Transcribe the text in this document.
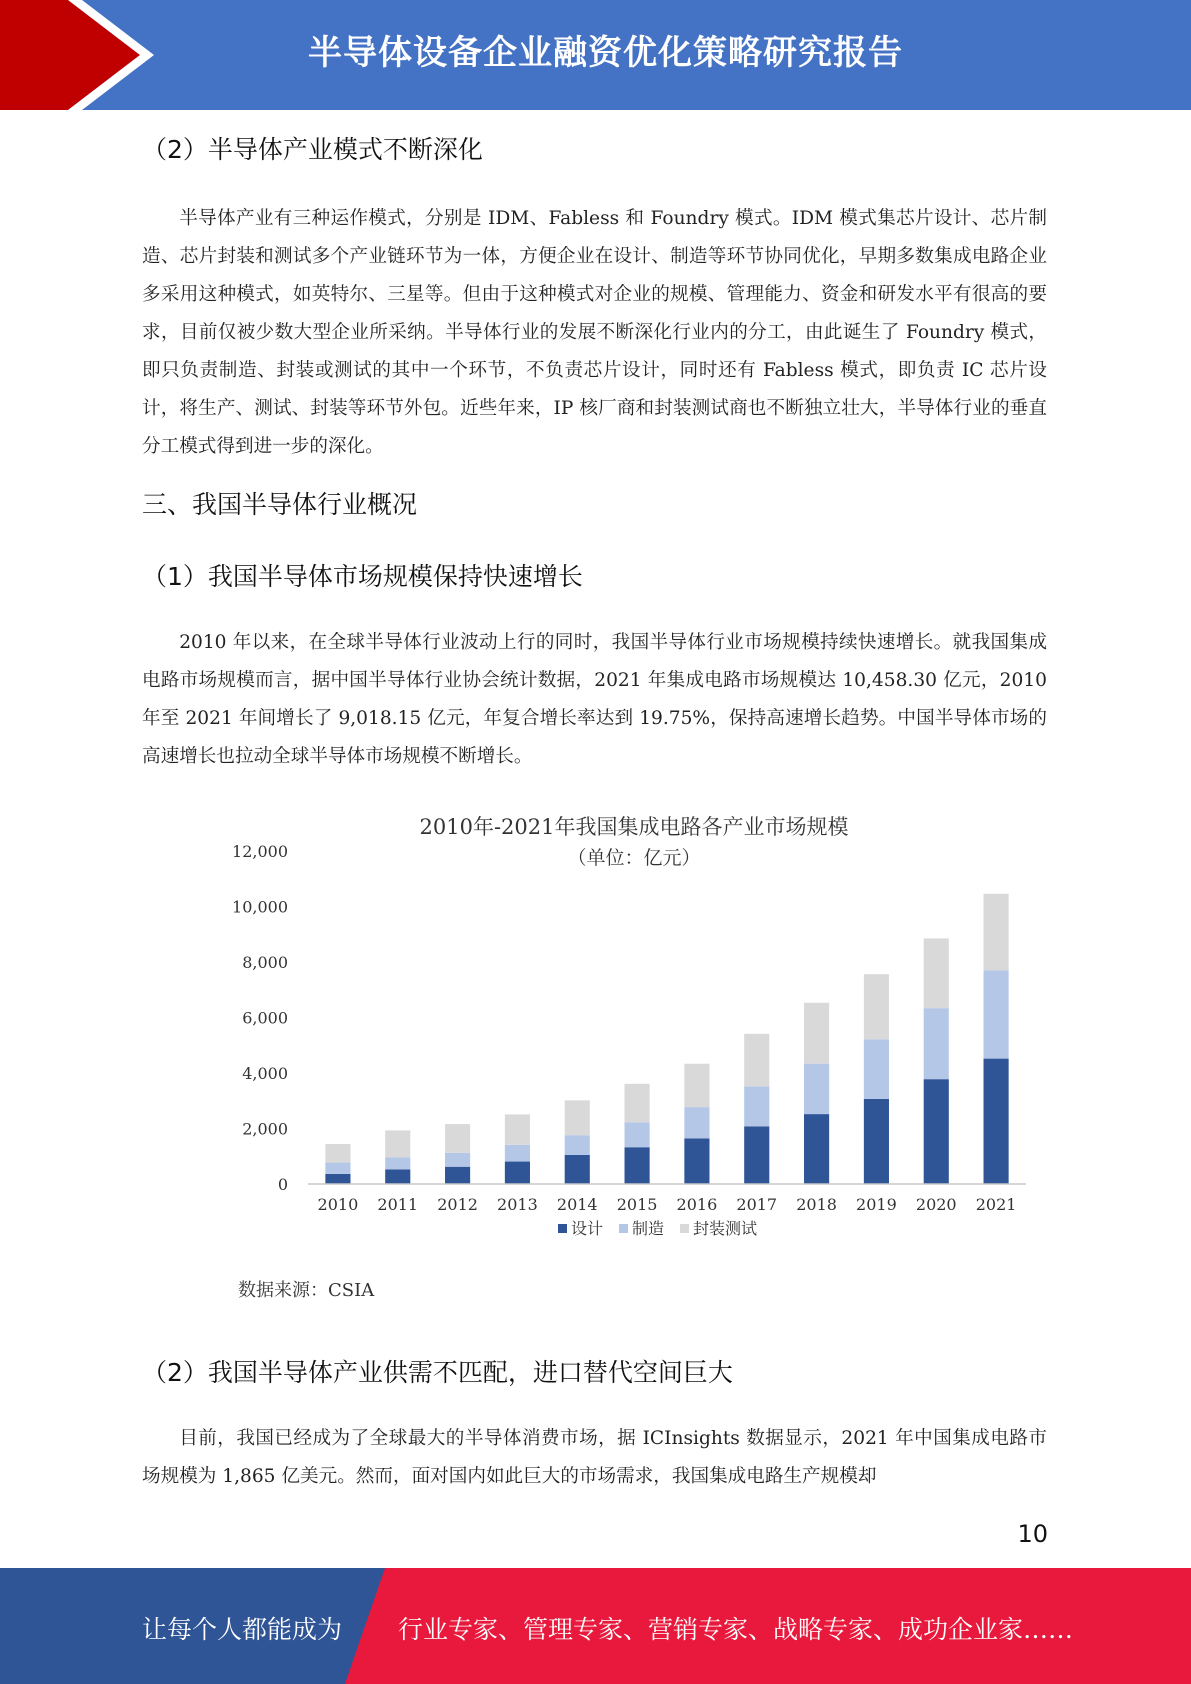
半导体设备企业融资优化策略研究报告
（2）半导体产业模式不断深化

半导体产业有三种运作模式，分别是 IDM、Fabless 和 Foundry 模式。IDM 模式集芯片设计、芯片制造、芯片封装和测试多个产业链环节为一体，方便企业在设计、制造等环节协同优化，早期多数集成电路企业多采用这种模式，如英特尔、三星等。但由于这种模式对企业的规模、管理能力、资金和研发水平有很高的要求，目前仅被少数大型企业所采纳。半导体行业的发展不断深化行业内的分工，由此诞生了 Foundry 模式，即只负责制造、封装或测试的其中一个环节，不负责芯片设计，同时还有 Fabless 模式，即负责 IC 芯片设计，将生产、测试、封装等环节外包。近些年来，IP 核厂商和封装测试商也不断独立壮大，半导体行业的垂直分工模式得到进一步的深化。

三、我国半导体行业概况
（1）我国半导体市场规模保持快速增长

2010 年以来，在全球半导体行业波动上行的同时，我国半导体行业市场规模持续快速增长。就我国集成电路市场规模而言，据中国半导体行业协会统计数据，2021 年集成电路市场规模达 10,458.30 亿元，2010 年至 2021 年间增长了 9,018.15 亿元，年复合增长率达到 19.75%，保持高速增长趋势。中国半导体市场的高速增长也拉动全球半导体市场规模不断增长。

（2）我国半导体产业供需不匹配，进口替代空间巨大

目前，我国已经成为了全球最大的半导体消费市场，据 ICInsights 数据显示，2021 年中国集成电路市场规模为 1,865 亿美元。然而，面对国内如此巨大的市场需求，我国集成电路生产规模却

2010年-2021年我国集成电路各产业市场规模
（单位：亿元）
0
2,000
4,000
6,000
8,000
10,000
12,000
2010 2011 2012 2013 2014 2015 2016 2017 2018 2019 2020 2021
设计 制造 封装测试
数据来源：CSIA
10
让每个人都能成为 行业专家、管理专家、营销专家、战略专家、成功企业家……
